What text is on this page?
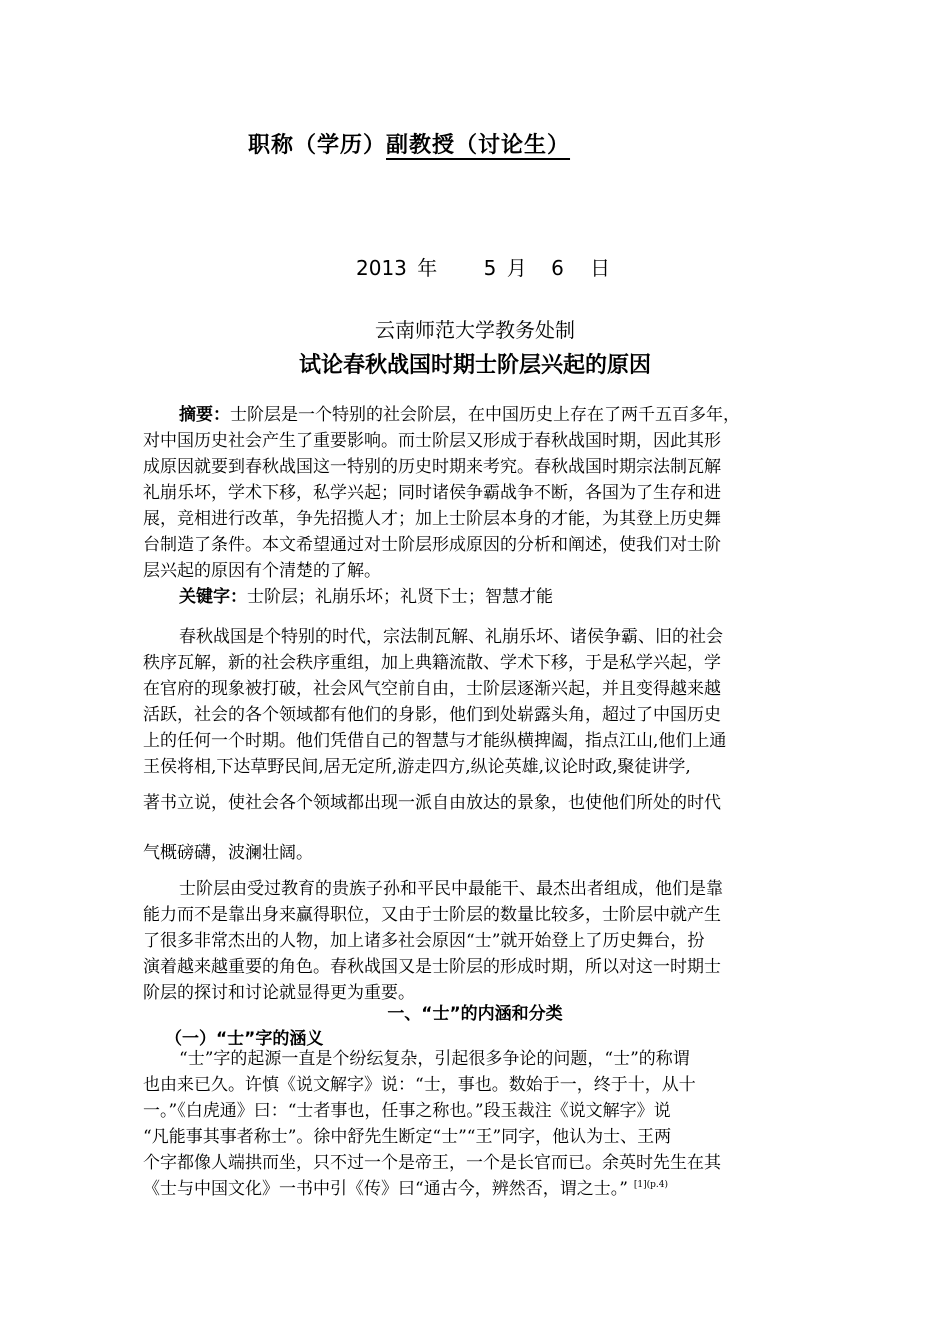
职称（学历）副教授（讨论生）
2013 年 5 月 6 日
云南师范大学教务处制
试论春秋战国时期士阶层兴起的原因
摘要：士阶层是一个特别的社会阶层，在中国历史上存在了两千五百多年，
对中国历史社会产生了重要影响。而士阶层又形成于春秋战国时期，因此其形
成原因就要到春秋战国这一特别的历史时期来考究。春秋战国时期宗法制瓦解
礼崩乐坏，学术下移，私学兴起；同时诸侯争霸战争不断，各国为了生存和进
展，竞相进行改革，争先招揽人才；加上士阶层本身的才能，为其登上历史舞
台制造了条件。本文希望通过对士阶层形成原因的分析和阐述，使我们对士阶
层兴起的原因有个清楚的了解。
关键字：士阶层；礼崩乐坏；礼贤下士；智慧才能
春秋战国是个特别的时代，宗法制瓦解、礼崩乐坏、诸侯争霸、旧的社会
秩序瓦解，新的社会秩序重组，加上典籍流散、学术下移，于是私学兴起，学
在官府的现象被打破，社会风气空前自由，士阶层逐渐兴起，并且变得越来越
活跃，社会的各个领域都有他们的身影，他们到处崭露头角，超过了中国历史
上的任何一个时期。他们凭借自己的智慧与才能纵横捭阖，指点江山,他们上通
王侯将相,下达草野民间,居无定所,游走四方,纵论英雄,议论时政,聚徒讲学,
著书立说，使社会各个领域都出现一派自由放达的景象，也使他们所处的时代
气概磅礴，波澜壮阔。
士阶层由受过教育的贵族子孙和平民中最能干、最杰出者组成，他们是靠
能力而不是靠出身来赢得职位，又由于士阶层的数量比较多，士阶层中就产生
了很多非常杰出的人物，加上诸多社会原因“士”就开始登上了历史舞台，扮
演着越来越重要的角色。春秋战国又是士阶层的形成时期，所以对这一时期士
阶层的探讨和讨论就显得更为重要。
一、“士”的内涵和分类
（一）“士”字的涵义
“士”字的起源一直是个纷纭复杂，引起很多争论的问题，“士”的称谓
也由来已久。许慎《说文解字》说：“士，事也。数始于一，终于十，从十
一。”《白虎通》曰：“士者事也，任事之称也。”段玉裁注《说文解字》说
“凡能事其事者称士”。徐中舒先生断定“士”“王”同字，他认为士、王两
个字都像人端拱而坐，只不过一个是帝王，一个是长官而已。余英时先生在其
《士与中国文化》一书中引《传》曰“通古今，辨然否，谓之士。” $^{[1](p.4)}$
